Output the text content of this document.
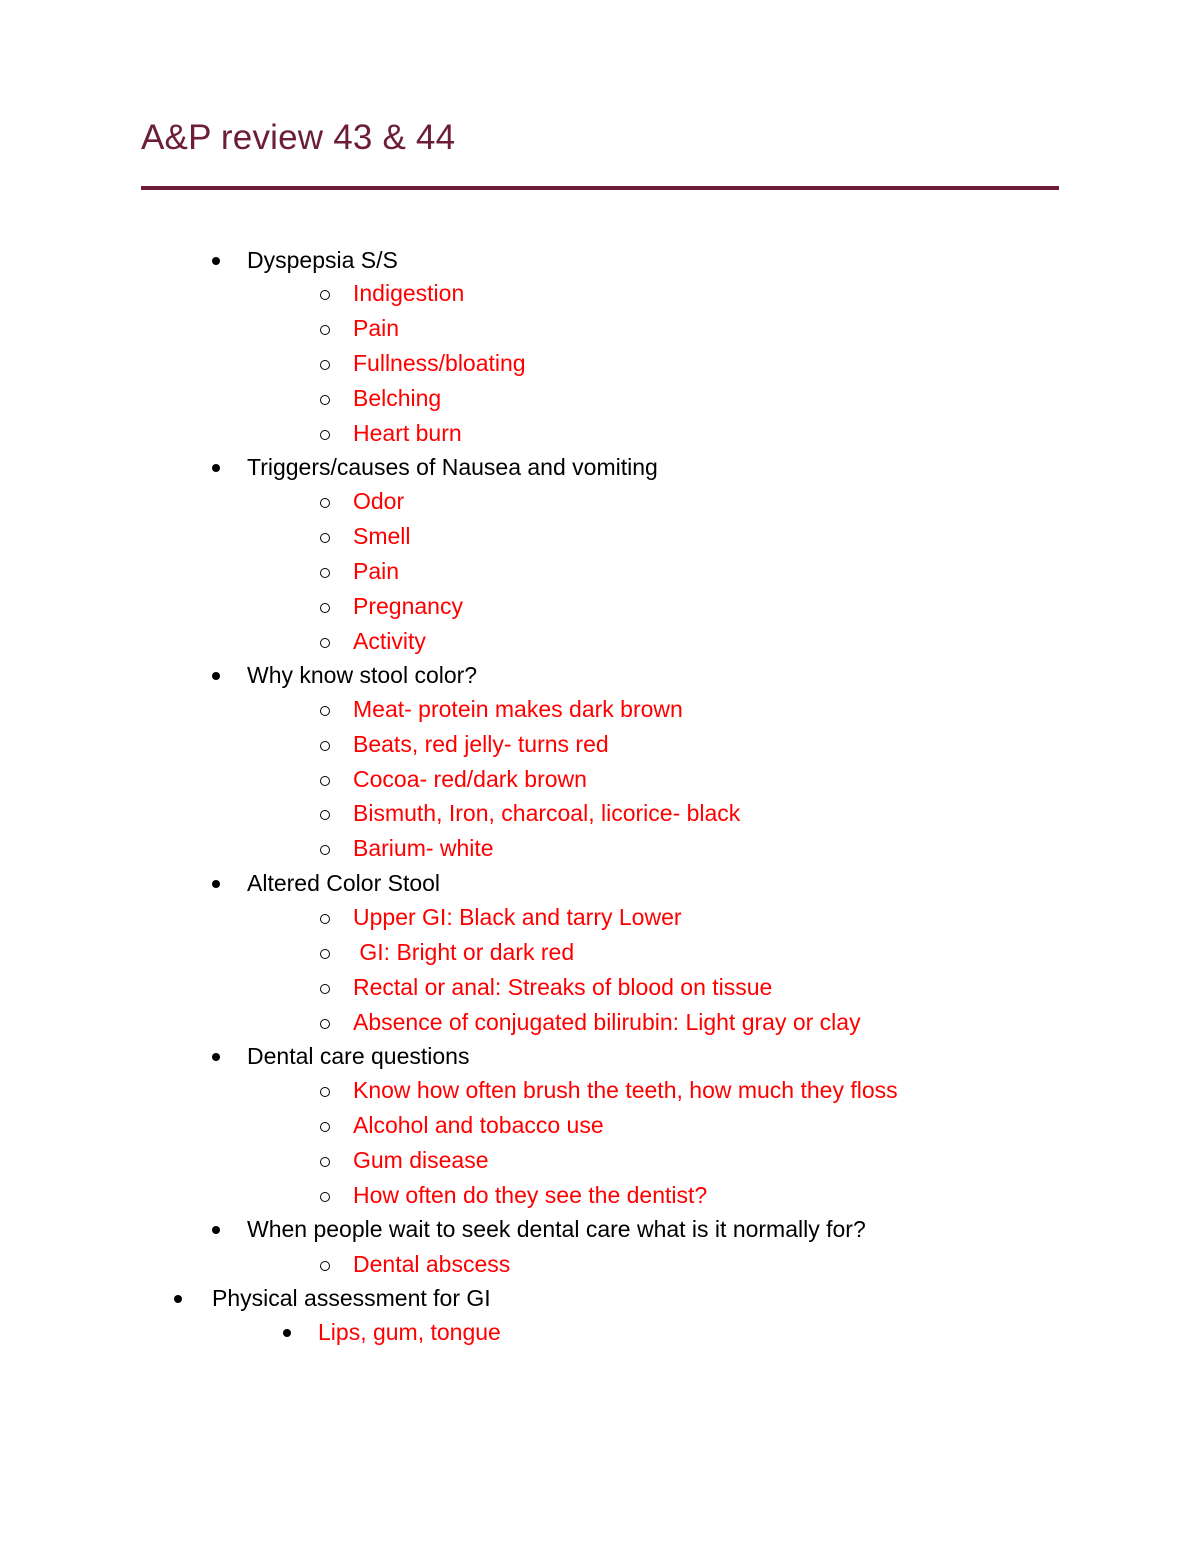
A&P review 43 & 44
Dyspepsia S/S
Indigestion
Pain
Fullness/bloating
Belching
Heart burn
Triggers/causes of Nausea and vomiting
Odor
Smell
Pain
Pregnancy
Activity
Why know stool color?
Meat- protein makes dark brown
Beats, red jelly- turns red
Cocoa- red/dark brown
Bismuth, Iron, charcoal, licorice- black
Barium- white
Altered Color Stool
Upper GI: Black and tarry Lower
GI: Bright or dark red
Rectal or anal: Streaks of blood on tissue
Absence of conjugated bilirubin: Light gray or clay
Dental care questions
Know how often brush the teeth, how much they floss
Alcohol and tobacco use
Gum disease
How often do they see the dentist?
When people wait to seek dental care what is it normally for?
Dental abscess
Physical assessment for GI
Lips, gum, tongue
